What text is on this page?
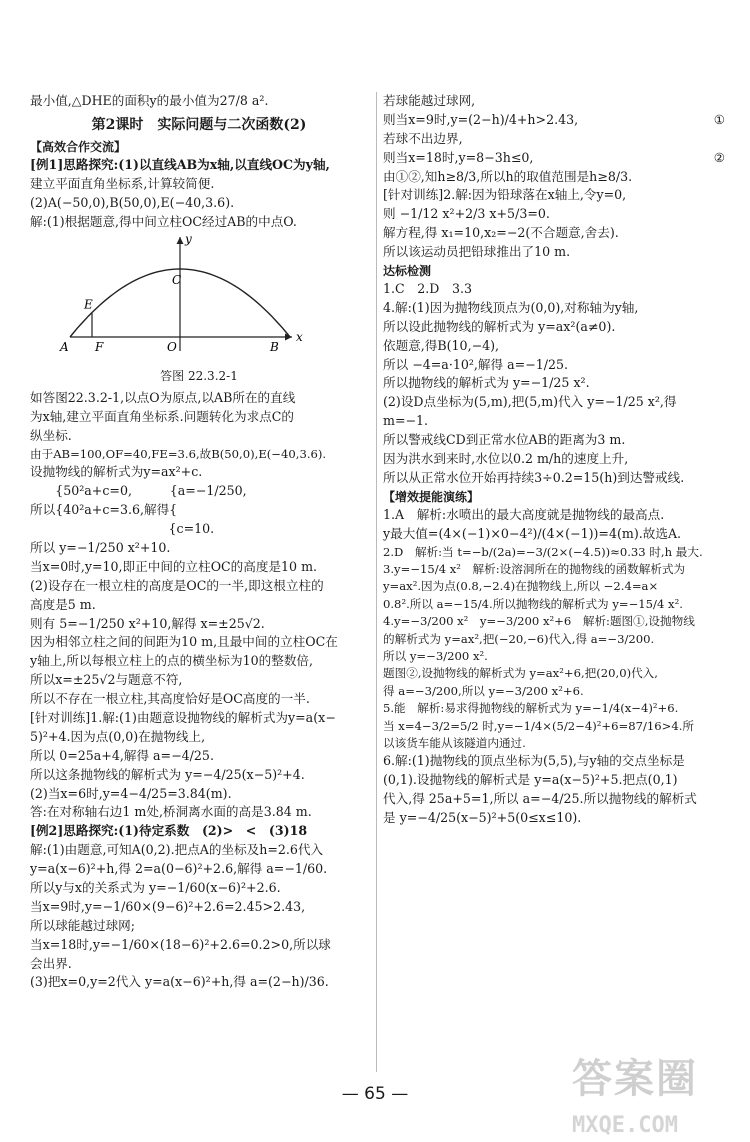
最小值,△DHE的面积y的最小值为27/8 a².

第2课时　实际问题与二次函数(2)

【高效合作交流】

[例1]思路探究:(1)以直线AB为x轴,以直线OC为y轴,

建立平面直角坐标系,计算较简便.

(2)A(−50,0),B(50,0),E(−40,3.6).

解:(1)根据题意,得中间立柱OC经过AB的中点O.

C
E
A F	O	B
x
y

答图 22.3.2-1

如答图22.3.2-1,以点O为原点,以AB所在的直线

为x轴,建立平面直角坐标系.问题转化为求点C的

纵坐标.

由于AB=100,OF=40,FE=3.6,故B(50,0),E(−40,3.6).

设抛物线的解析式为y=ax²+c.

　　{50²a+c=0,　　　{a=−1/250,

所以{40²a+c=3.6,解得{

　　　　　　　　　　　{c=10.

所以 y=−1/250 x²+10.

当x=0时,y=10,即正中间的立柱OC的高度是10 m.

(2)设存在一根立柱的高度是OC的一半,即这根立柱的

高度是5 m.

则有 5=−1/250 x²+10,解得 x=±25√2.

因为相邻立柱之间的间距为10 m,且最中间的立柱OC在

y轴上,所以每根立柱上的点的横坐标为10的整数倍,

所以x=±25√2与题意不符,

所以不存在一根立柱,其高度恰好是OC高度的一半.

[针对训练]1.解:(1)由题意设抛物线的解析式为y=a(x−

5)²+4.因为点(0,0)在抛物线上,

所以 0=25a+4,解得 a=−4/25.

所以这条抛物线的解析式为 y=−4/25(x−5)²+4.

(2)当x=6时,y=4−4/25=3.84(m).

答:在对称轴右边1 m处,桥洞离水面的高是3.84 m.

[例2]思路探究:(1)待定系数　(2)>　<　(3)18

解:(1)由题意,可知A(0,2).把点A的坐标及h=2.6代入

y=a(x−6)²+h,得 2=a(0−6)²+2.6,解得 a=−1/60.

所以y与x的关系式为 y=−1/60(x−6)²+2.6.

当x=9时,y=−1/60×(9−6)²+2.6=2.45>2.43,

所以球能越过球网;

当x=18时,y=−1/60×(18−6)²+2.6=0.2>0,所以球

会出界.

(3)把x=0,y=2代入 y=a(x−6)²+h,得 a=(2−h)/36.

若球能越过球网,

则当x=9时,y=(2−h)/4+h>2.43,	①

若球不出边界,

则当x=18时,y=8−3h≤0,	②

由①②,知h≥8/3,所以h的取值范围是h≥8/3.

[针对训练]2.解:因为铅球落在x轴上,令y=0,

则 −1/12 x²+2/3 x+5/3=0.

解方程,得 x₁=10,x₂=−2(不合题意,舍去).

所以该运动员把铅球推出了10 m.

达标检测

1.C　2.D　3.3

4.解:(1)因为抛物线顶点为(0,0),对称轴为y轴,

所以设此抛物线的解析式为 y=ax²(a≠0).

依题意,得B(10,−4),

所以 −4=a·10²,解得 a=−1/25.

所以抛物线的解析式为 y=−1/25 x².

(2)设D点坐标为(5,m),把(5,m)代入 y=−1/25 x²,得

m=−1.

所以警戒线CD到正常水位AB的距离为3 m.

因为洪水到来时,水位以0.2 m/h的速度上升,

所以从正常水位开始再持续3÷0.2=15(h)到达警戒线.

【增效提能演练】

1.A　解析:水喷出的最大高度就是抛物线的最高点.

y最大值=(4×(−1)×0−4²)/(4×(−1))=4(m).故选A.

2.D　解析:当 t=−b/(2a)=−3/(2×(−4.5))≈0.33 时,h 最大.

3.y=−15/4 x²　解析:设溶洞所在的抛物线的函数解析式为

y=ax².因为点(0.8,−2.4)在抛物线上,所以 −2.4=a×

0.8².所以 a=−15/4.所以抛物线的解析式为 y=−15/4 x².

4.y=−3/200 x²　y=−3/200 x²+6　解析:题图①,设抛物线

的解析式为 y=ax²,把(−20,−6)代入,得 a=−3/200.

所以 y=−3/200 x².

题图②,设抛物线的解析式为 y=ax²+6,把(20,0)代入,

得 a=−3/200,所以 y=−3/200 x²+6.

5.能　解析:易求得抛物线的解析式为 y=−1/4(x−4)²+6.

当 x=4−3/2=5/2 时,y=−1/4×(5/2−4)²+6=87/16>4.所

以该货车能从该隧道内通过.

6.解:(1)抛物线的顶点坐标为(5,5),与y轴的交点坐标是

(0,1).设抛物线的解析式是 y=a(x−5)²+5.把点(0,1)

代入,得 25a+5=1,所以 a=−4/25.所以抛物线的解析式

是 y=−4/25(x−5)²+5(0≤x≤10).

— 65 —	答案圈
MXQE.COM
